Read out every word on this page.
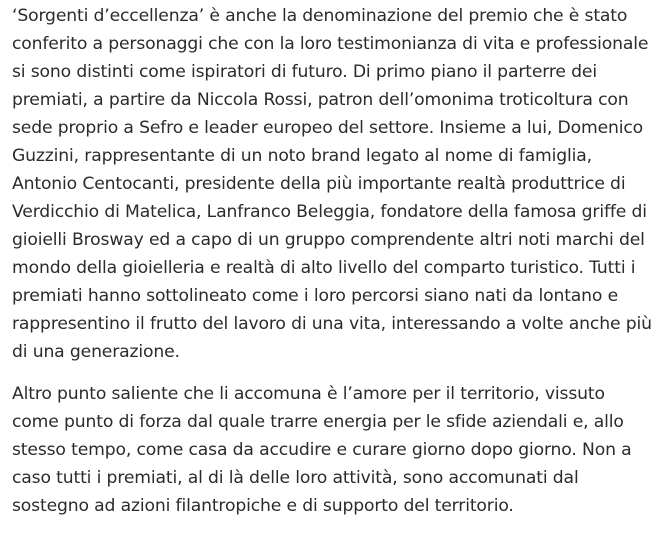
‘Sorgenti d’eccellenza’ è anche la denominazione del premio che è stato
conferito a personaggi che con la loro testimonianza di vita e professionale
si sono distinti come ispiratori di futuro. Di primo piano il parterre dei
premiati, a partire da Niccola Rossi, patron dell’omonima troticoltura con
sede proprio a Sefro e leader europeo del settore. Insieme a lui, Domenico
Guzzini, rappresentante di un noto brand legato al nome di famiglia,
Antonio Centocanti, presidente della più importante realtà produttrice di
Verdicchio di Matelica, Lanfranco Beleggia, fondatore della famosa griffe di
gioielli Brosway ed a capo di un gruppo comprendente altri noti marchi del
mondo della gioielleria e realtà di alto livello del comparto turistico. Tutti i
premiati hanno sottolineato come i loro percorsi siano nati da lontano e
rappresentino il frutto del lavoro di una vita, interessando a volte anche più
di una generazione.

Altro punto saliente che li accomuna è l’amore per il territorio, vissuto
come punto di forza dal quale trarre energia per le sfide aziendali e, allo
stesso tempo, come casa da accudire e curare giorno dopo giorno. Non a
caso tutti i premiati, al di là delle loro attività, sono accomunati dal
sostegno ad azioni filantropiche e di supporto del territorio.
